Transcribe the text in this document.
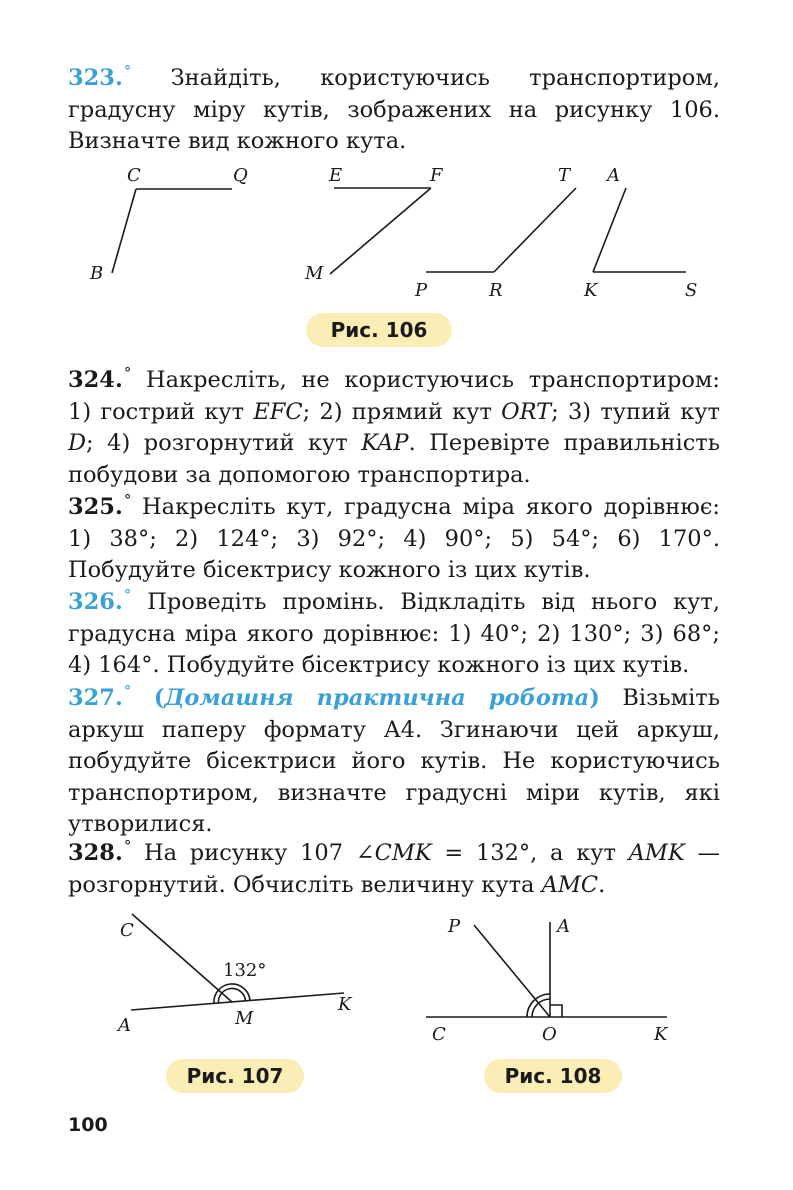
323.° Знайдіть, користуючись транспортиром, градусну міру кутів, зображених на рисунку 106. Визначте вид кожного кута.

C	Q
B
E	F
M
T
P	R
A
K	S
Рис. 106

324.° Накресліть, не користуючись транспортиром: 1) гострий кут EFC; 2) прямий кут ORT; 3) тупий кут D; 4) розгорнутий кут KAP. Перевірте правильність побудови за допомогою транспортира.

325.° Накресліть кут, градусна міра якого дорівнює: 1) 38°; 2) 124°; 3) 92°; 4) 90°; 5) 54°; 6) 170°. Побудуйте бісектрису кожного із цих кутів.

326.° Проведіть промінь. Відкладіть від нього кут, градусна міра якого дорівнює: 1) 40°; 2) 130°; 3) 68°; 4) 164°. Побудуйте бісектрису кожного із цих кутів.

327.° (Домашня практична робота) Візьміть аркуш паперу формату А4. Згинаючи цей аркуш, побудуйте бісектриси його кутів. Не користуючись транспортиром, визначте градусні міри кутів, які утворилися.

328.° На рисунку 107 ∠CMK = 132°, а кут AMK — розгорнутий. Обчисліть величину кута AMC.

C
A	M
K
132°
Рис. 107
P	A
C	O	K
Рис. 108
100
